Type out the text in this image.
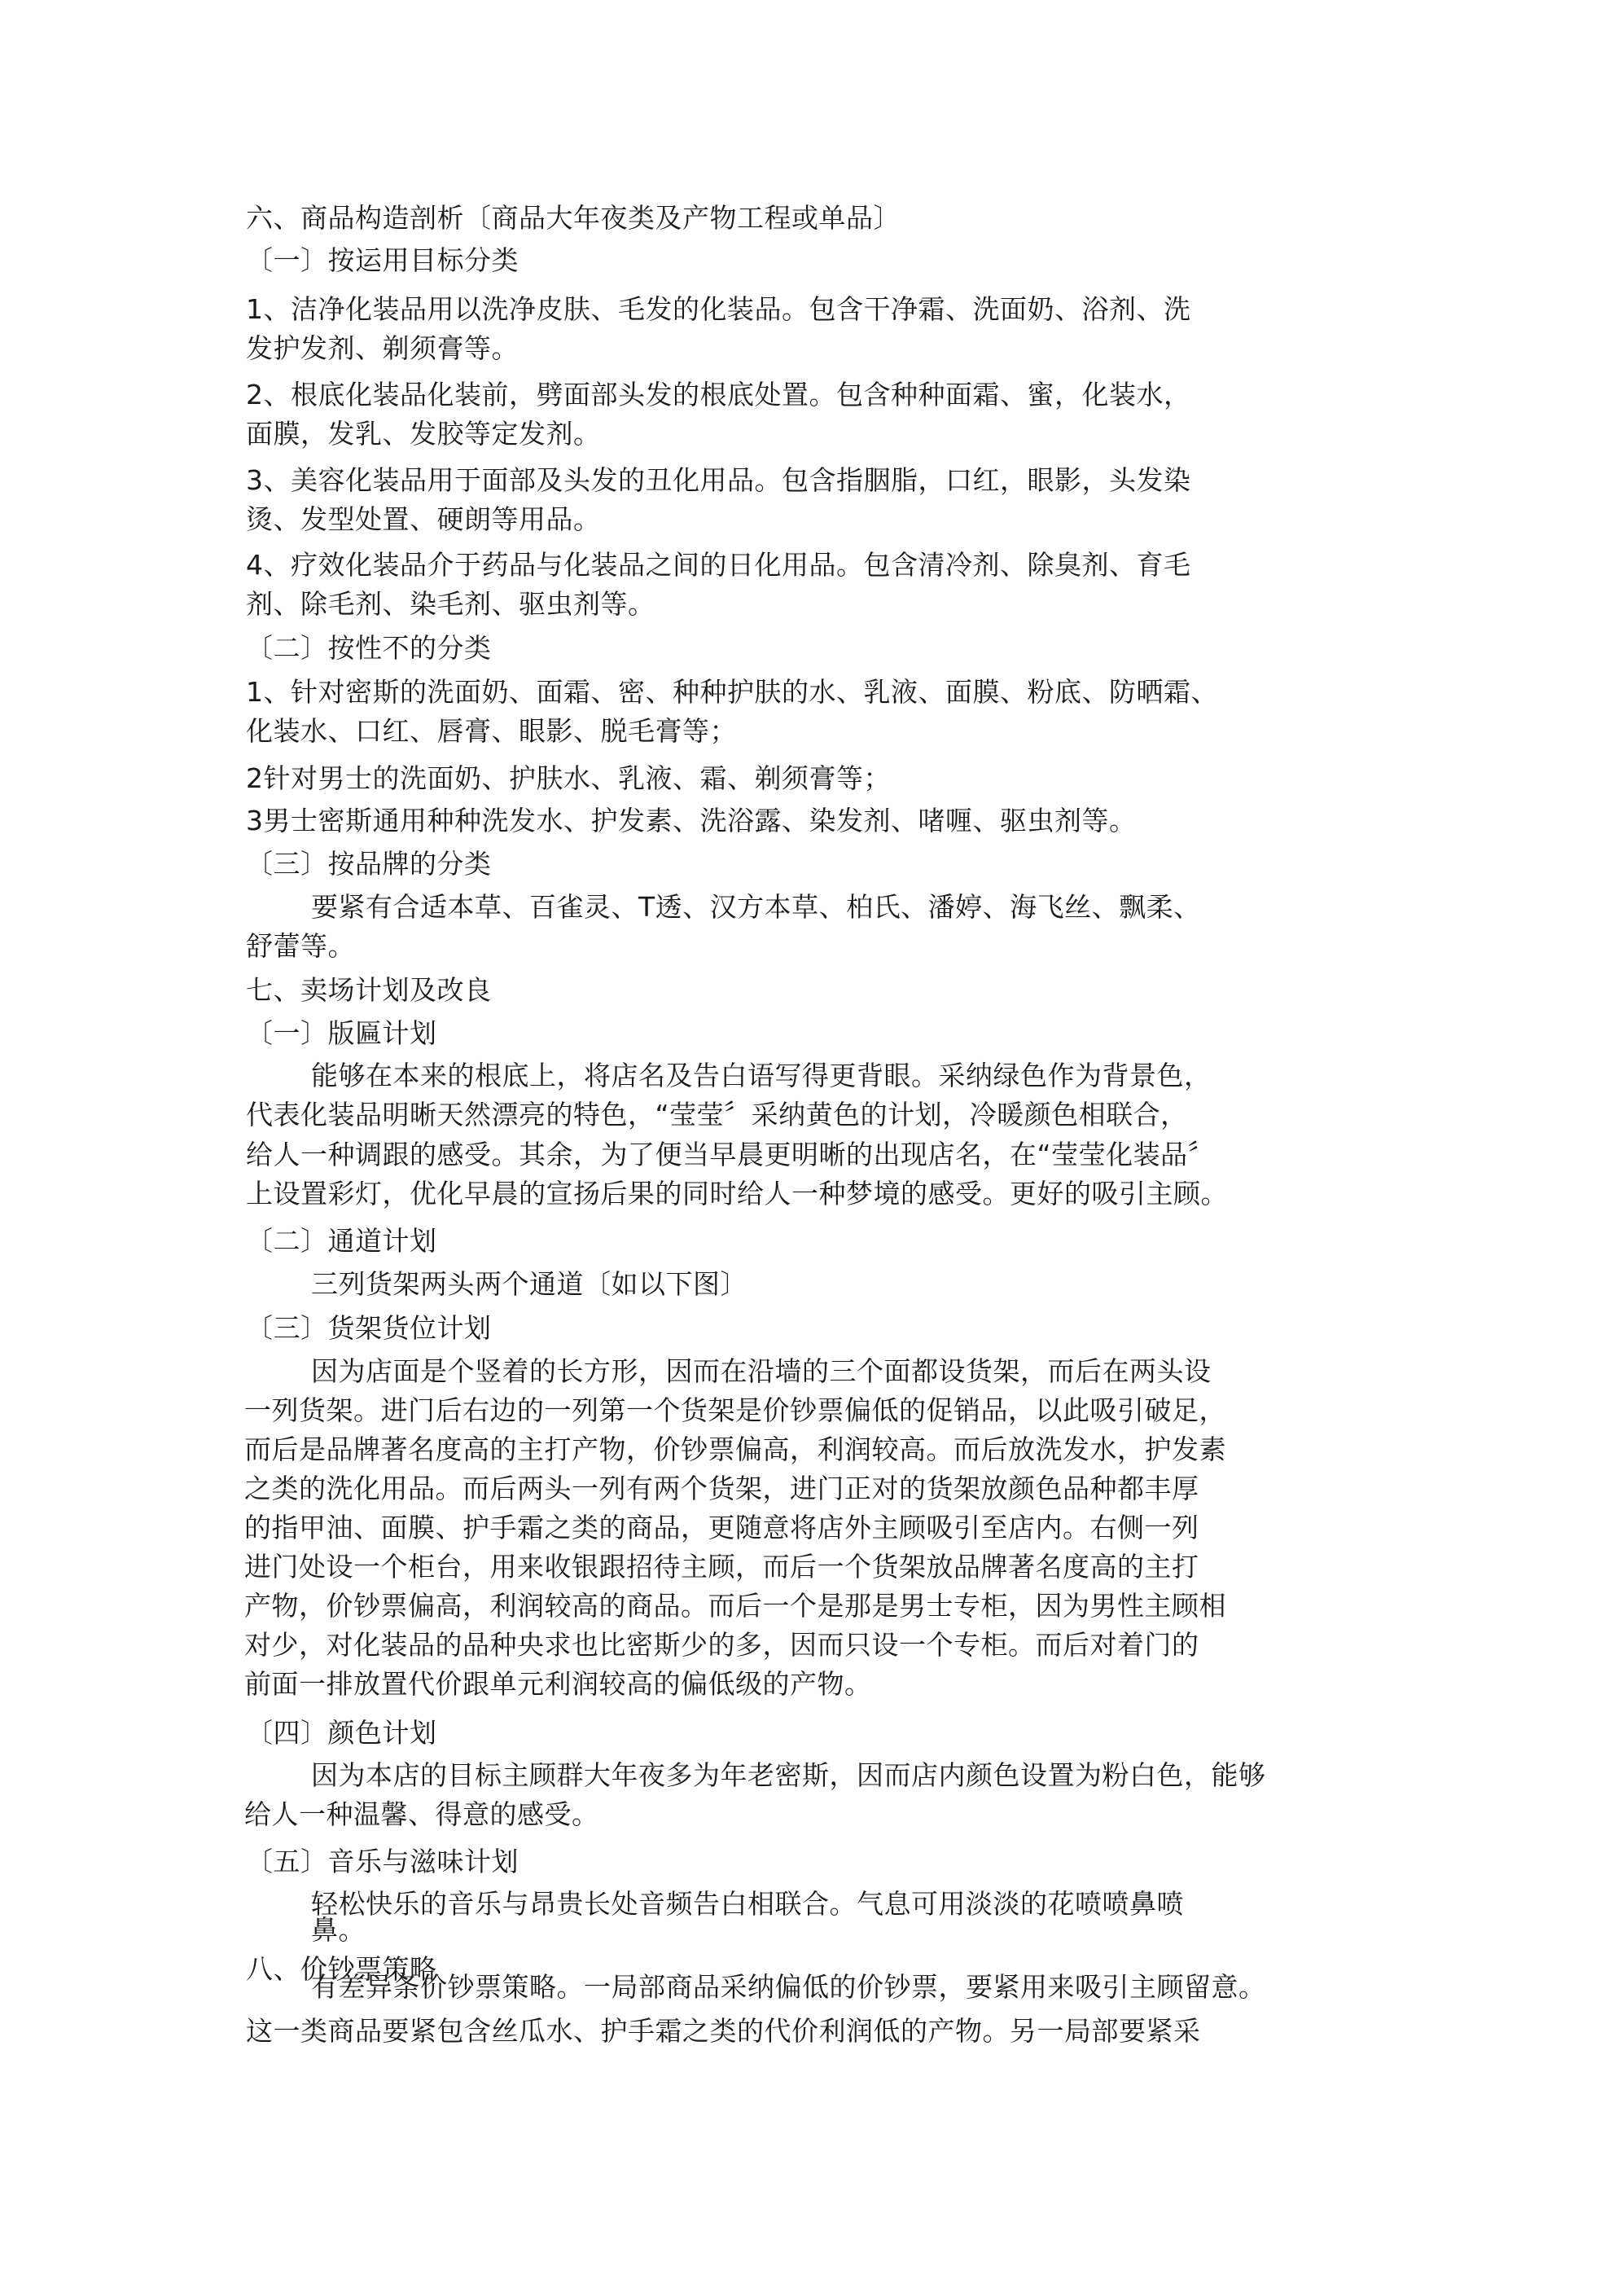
六、商品构造剖析〔商品大年夜类及产物工程或单品〕
〔一〕按运用目标分类
1、洁净化装品用以洗净皮肤、毛发的化装品。包含干净霜、洗面奶、浴剂、洗
发护发剂、剃须膏等。
2、根底化装品化装前，劈面部头发的根底处置。包含种种面霜、蜜，化装水，
面膜，发乳、发胶等定发剂。
3、美容化装品用于面部及头发的丑化用品。包含指胭脂，口红，眼影，头发染
烫、发型处置、硬朗等用品。
4、疗效化装品介于药品与化装品之间的日化用品。包含清冷剂、除臭剂、育毛
剂、除毛剂、染毛剂、驱虫剂等。
〔二〕按性不的分类
1、针对密斯的洗面奶、面霜、密、种种护肤的水、乳液、面膜、粉底、防晒霜、
化装水、口红、唇膏、眼影、脱毛膏等；
2针对男士的洗面奶、护肤水、乳液、霜、剃须膏等；
3男士密斯通用种种洗发水、护发素、洗浴露、染发剂、啫喱、驱虫剂等。
〔三〕按品牌的分类
要紧有合适本草、百雀灵、T透、汉方本草、柏氏、潘婷、海飞丝、飘柔、
舒蕾等。
七、卖场计划及改良
〔一〕版匾计划
能够在本来的根底上，将店名及告白语写得更背眼。采纳绿色作为背景色，
代表化装品明晰天然漂亮的特色，“莹莹〞采纳黄色的计划，冷暖颜色相联合，
给人一种调跟的感受。其余，为了便当早晨更明晰的出现店名，在“莹莹化装品〞
上设置彩灯，优化早晨的宣扬后果的同时给人一种梦境的感受。更好的吸引主顾。
〔二〕通道计划
三列货架两头两个通道〔如以下图〕
〔三〕货架货位计划
因为店面是个竖着的长方形，因而在沿墙的三个面都设货架，而后在两头设
一列货架。进门后右边的一列第一个货架是价钞票偏低的促销品，以此吸引破足，
而后是品牌著名度高的主打产物，价钞票偏高，利润较高。而后放洗发水，护发素
之类的洗化用品。而后两头一列有两个货架，进门正对的货架放颜色品种都丰厚
的指甲油、面膜、护手霜之类的商品，更随意将店外主顾吸引至店内。右侧一列
进门处设一个柜台，用来收银跟招待主顾，而后一个货架放品牌著名度高的主打
产物，价钞票偏高，利润较高的商品。而后一个是那是男士专柜，因为男性主顾相
对少，对化装品的品种央求也比密斯少的多，因而只设一个专柜。而后对着门的
前面一排放置代价跟单元利润较高的偏低级的产物。
〔四〕颜色计划
因为本店的目标主顾群大年夜多为年老密斯，因而店内颜色设置为粉白色，能够
给人一种温馨、得意的感受。
〔五〕音乐与滋味计划
轻松快乐的音乐与昂贵长处音频告白相联合。气息可用淡淡的花喷喷鼻喷
鼻。
八、价钞票策略
有差异条价钞票策略。一局部商品采纳偏低的价钞票，要紧用来吸引主顾留意。
这一类商品要紧包含丝瓜水、护手霜之类的代价利润低的产物。另一局部要紧采
